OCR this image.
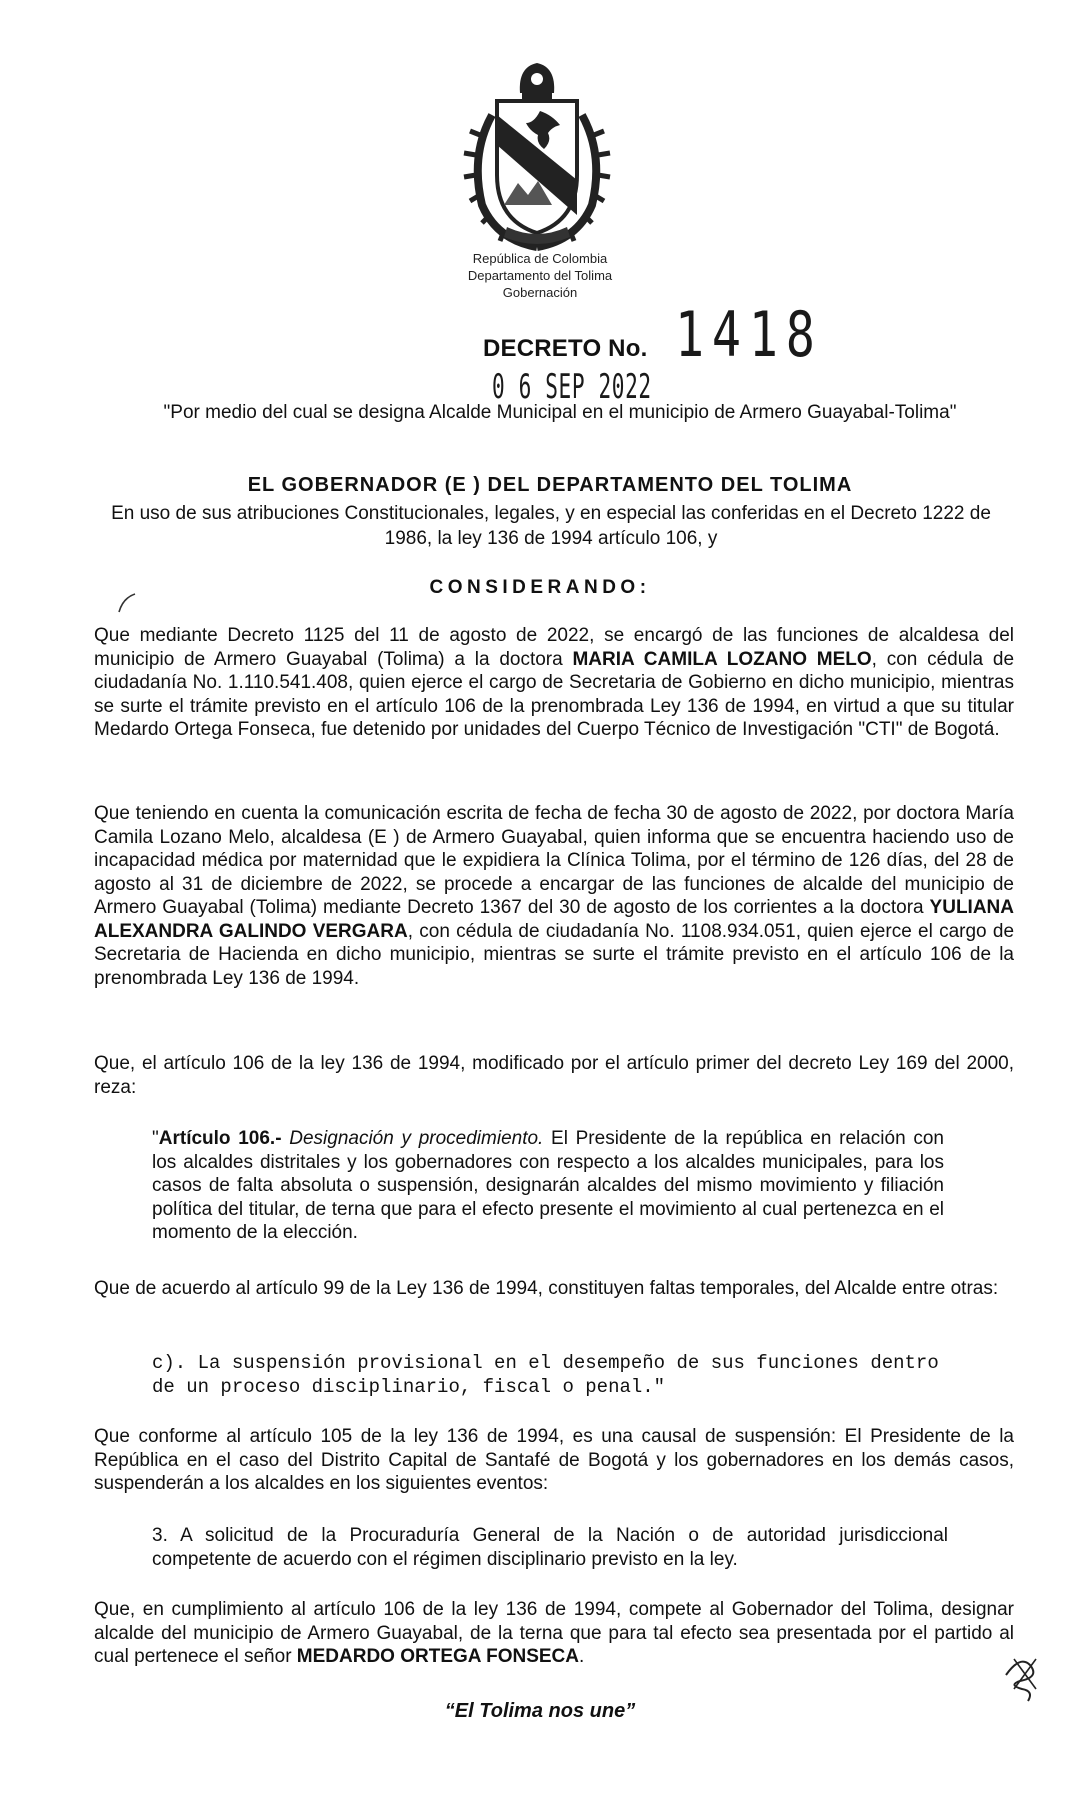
República de Colombia
Departamento del Tolima
Gobernación
DECRETO No. 1418
0 6 SEP 2022
"Por medio del cual se designa Alcalde Municipal en el municipio de Armero Guayabal-Tolima"
EL GOBERNADOR (E ) DEL DEPARTAMENTO DEL TOLIMA
En uso de sus atribuciones Constitucionales, legales, y en especial las conferidas en el Decreto 1222 de 1986, la ley 136 de 1994 artículo 106, y
CONSIDERANDO:
Que mediante Decreto 1125 del 11 de agosto de 2022, se encargó de las funciones de alcaldesa del municipio de Armero Guayabal (Tolima) a la doctora MARIA CAMILA LOZANO MELO, con cédula de ciudadanía No. 1.110.541.408, quien ejerce el cargo de Secretaria de Gobierno en dicho municipio, mientras se surte el trámite previsto en el artículo 106 de la prenombrada Ley 136 de 1994, en virtud a que su titular Medardo Ortega Fonseca, fue detenido por unidades del Cuerpo Técnico de Investigación "CTI" de Bogotá.
Que teniendo en cuenta la comunicación escrita de fecha de fecha 30 de agosto de 2022, por doctora María Camila Lozano Melo, alcaldesa (E ) de Armero Guayabal, quien informa que se encuentra haciendo uso de incapacidad médica por maternidad que le expidiera la Clínica Tolima, por el término de 126 días, del 28 de agosto al 31 de diciembre de 2022, se procede a encargar de las funciones de alcalde del municipio de Armero Guayabal (Tolima) mediante Decreto 1367 del 30 de agosto de los corrientes a la doctora YULIANA ALEXANDRA GALINDO VERGARA, con cédula de ciudadanía No. 1108.934.051, quien ejerce el cargo de Secretaria de Hacienda en dicho municipio, mientras se surte el trámite previsto en el artículo 106 de la prenombrada Ley 136 de 1994.
Que, el artículo 106 de la ley 136 de 1994, modificado por el artículo primer del decreto Ley 169 del 2000, reza:
"Artículo 106.- Designación y procedimiento. El Presidente de la república en relación con los alcaldes distritales y los gobernadores con respecto a los alcaldes municipales, para los casos de falta absoluta o suspensión, designarán alcaldes del mismo movimiento y filiación política del titular, de terna que para el efecto presente el movimiento al cual pertenezca en el momento de la elección.
Que de acuerdo al artículo 99 de la Ley 136 de 1994, constituyen faltas temporales, del Alcalde entre otras:
c). La suspensión provisional en el desempeño de sus funciones dentro de un proceso disciplinario, fiscal o penal."
Que conforme al artículo 105 de la ley 136 de 1994, es una causal de suspensión: El Presidente de la República en el caso del Distrito Capital de Santafé de Bogotá y los gobernadores en los demás casos, suspenderán a los alcaldes en los siguientes eventos:
3. A solicitud de la Procuraduría General de la Nación o de autoridad jurisdiccional competente de acuerdo con el régimen disciplinario previsto en la ley.
Que, en cumplimiento al artículo 106 de la ley 136 de 1994, compete al Gobernador del Tolima, designar alcalde del municipio de Armero Guayabal, de la terna que para tal efecto sea presentada por el partido al cual pertenece el señor MEDARDO ORTEGA FONSECA.
“El Tolima nos une”
